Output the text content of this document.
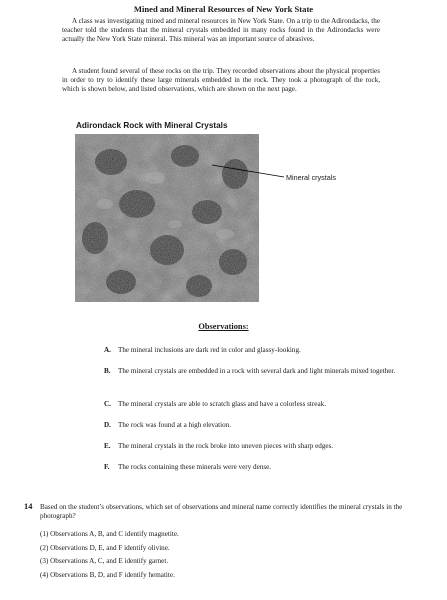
Mined and Mineral Resources of New York State

A class was investigating mined and mineral resources in New York State. On a trip to the Adirondacks, the teacher told the students that the mineral crystals embedded in many rocks found in the Adirondacks were actually the New York State mineral. This mineral was an important source of abrasives.

A student found several of these rocks on the trip. They recorded observations about the physical properties in order to try to identify these large minerals embedded in the rock. They took a photograph of the rock, which is shown below, and listed observations, which are shown on the next page.

Adirondack Rock with Mineral Crystals
Mineral crystals
Observations:
A. The mineral inclusions are dark red in color and glassy-looking.
B. The mineral crystals are embedded in a rock with several dark and light minerals mixed together.
C. The mineral crystals are able to scratch glass and have a colorless streak.
D. The rock was found at a high elevation.
E. The mineral crystals in the rock broke into uneven pieces with sharp edges.
F. The rocks containing these minerals were very dense.
14 Based on the student’s observations, which set of observations and mineral name correctly identifies the mineral crystals in the photograph?

(1) Observations A, B, and C identify magnetite.
(2) Observations D, E, and F identify olivine.
(3) Observations A, C, and E identify garnet.
(4) Observations B, D, and F identify hematite.
